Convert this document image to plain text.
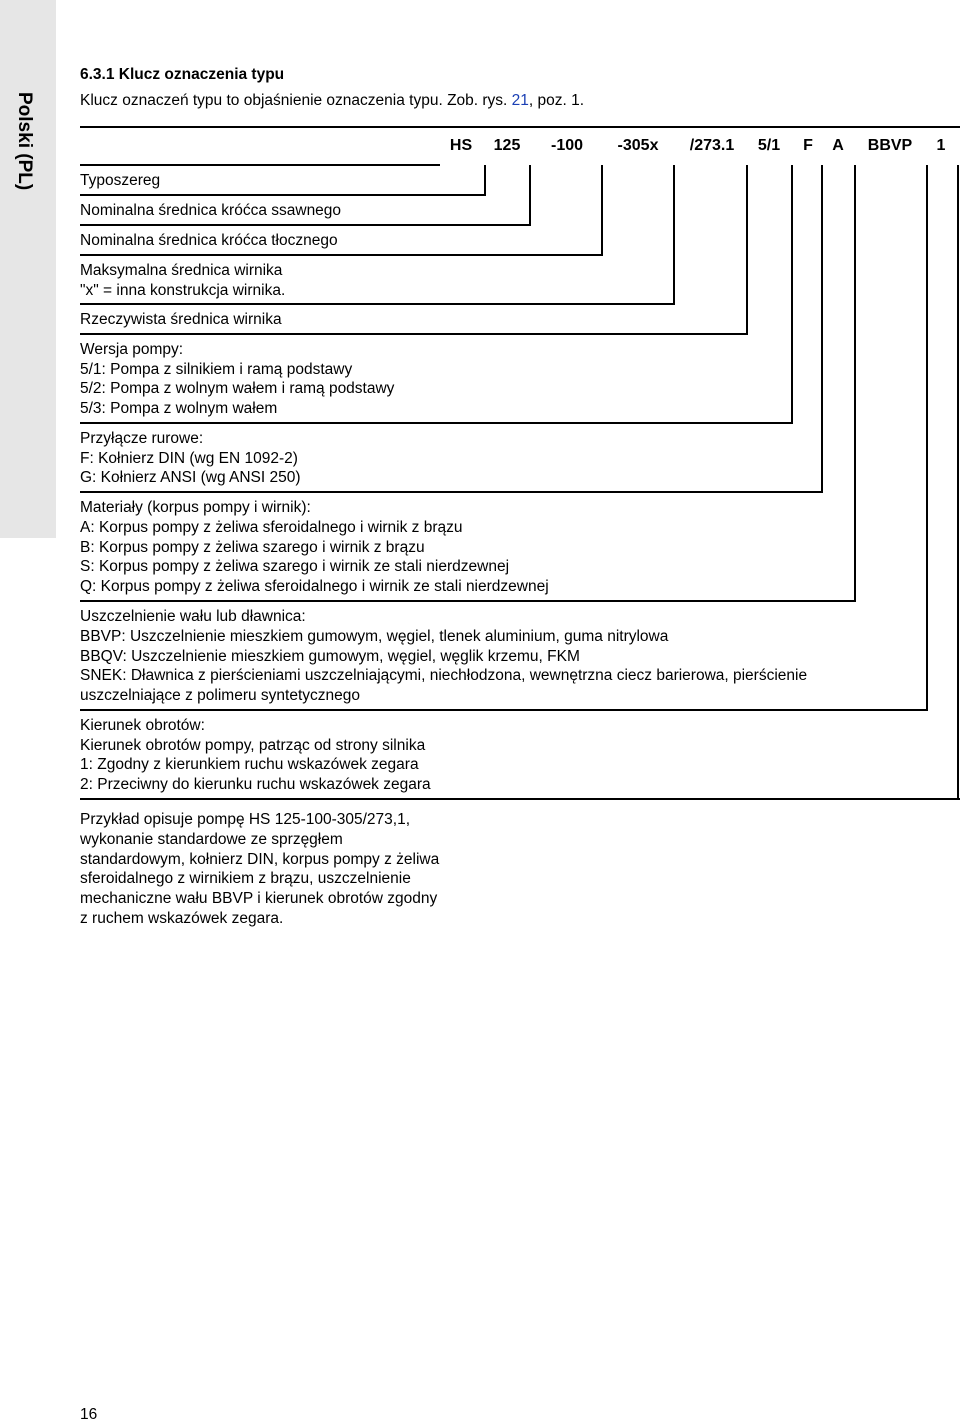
Polski (PL)
6.3.1 Klucz oznaczenia typu
Klucz oznaczeń typu to objaśnienie oznaczenia typu. Zob. rys. 21, poz. 1.
HS 125 -100 -305x /273.1 5/1 F A BBVP 1
Typoszereg
Nominalna średnica króćca ssawnego
Nominalna średnica króćca tłocznego
Maksymalna średnica wirnika
"x" = inna konstrukcja wirnika.
Rzeczywista średnica wirnika
Wersja pompy:
5/1: Pompa z silnikiem i ramą podstawy
5/2: Pompa z wolnym wałem i ramą podstawy
5/3: Pompa z wolnym wałem
Przyłącze rurowe:
F: Kołnierz DIN (wg EN 1092-2)
G: Kołnierz ANSI (wg ANSI 250)
Materiały (korpus pompy i wirnik):
A: Korpus pompy z żeliwa sferoidalnego i wirnik z brązu
B: Korpus pompy z żeliwa szarego i wirnik z brązu
S: Korpus pompy z żeliwa szarego i wirnik ze stali nierdzewnej
Q: Korpus pompy z żeliwa sferoidalnego i wirnik ze stali nierdzewnej
Uszczelnienie wału lub dławnica:
BBVP: Uszczelnienie mieszkiem gumowym, węgiel, tlenek aluminium, guma nitrylowa
BBQV: Uszczelnienie mieszkiem gumowym, węgiel, węglik krzemu, FKM
SNEK: Dławnica z pierścieniami uszczelniającymi, niechłodzona, wewnętrzna ciecz barierowa, pierścienie
uszczelniające z polimeru syntetycznego
Kierunek obrotów:
Kierunek obrotów pompy, patrząc od strony silnika
1: Zgodny z kierunkiem ruchu wskazówek zegara
2: Przeciwny do kierunku ruchu wskazówek zegara
Przykład opisuje pompę HS 125-100-305/273,1,
wykonanie standardowe ze sprzęgłem
standardowym, kołnierz DIN, korpus pompy z żeliwa
sferoidalnego z wirnikiem z brązu, uszczelnienie
mechaniczne wału BBVP i kierunek obrotów zgodny
z ruchem wskazówek zegara.
16
